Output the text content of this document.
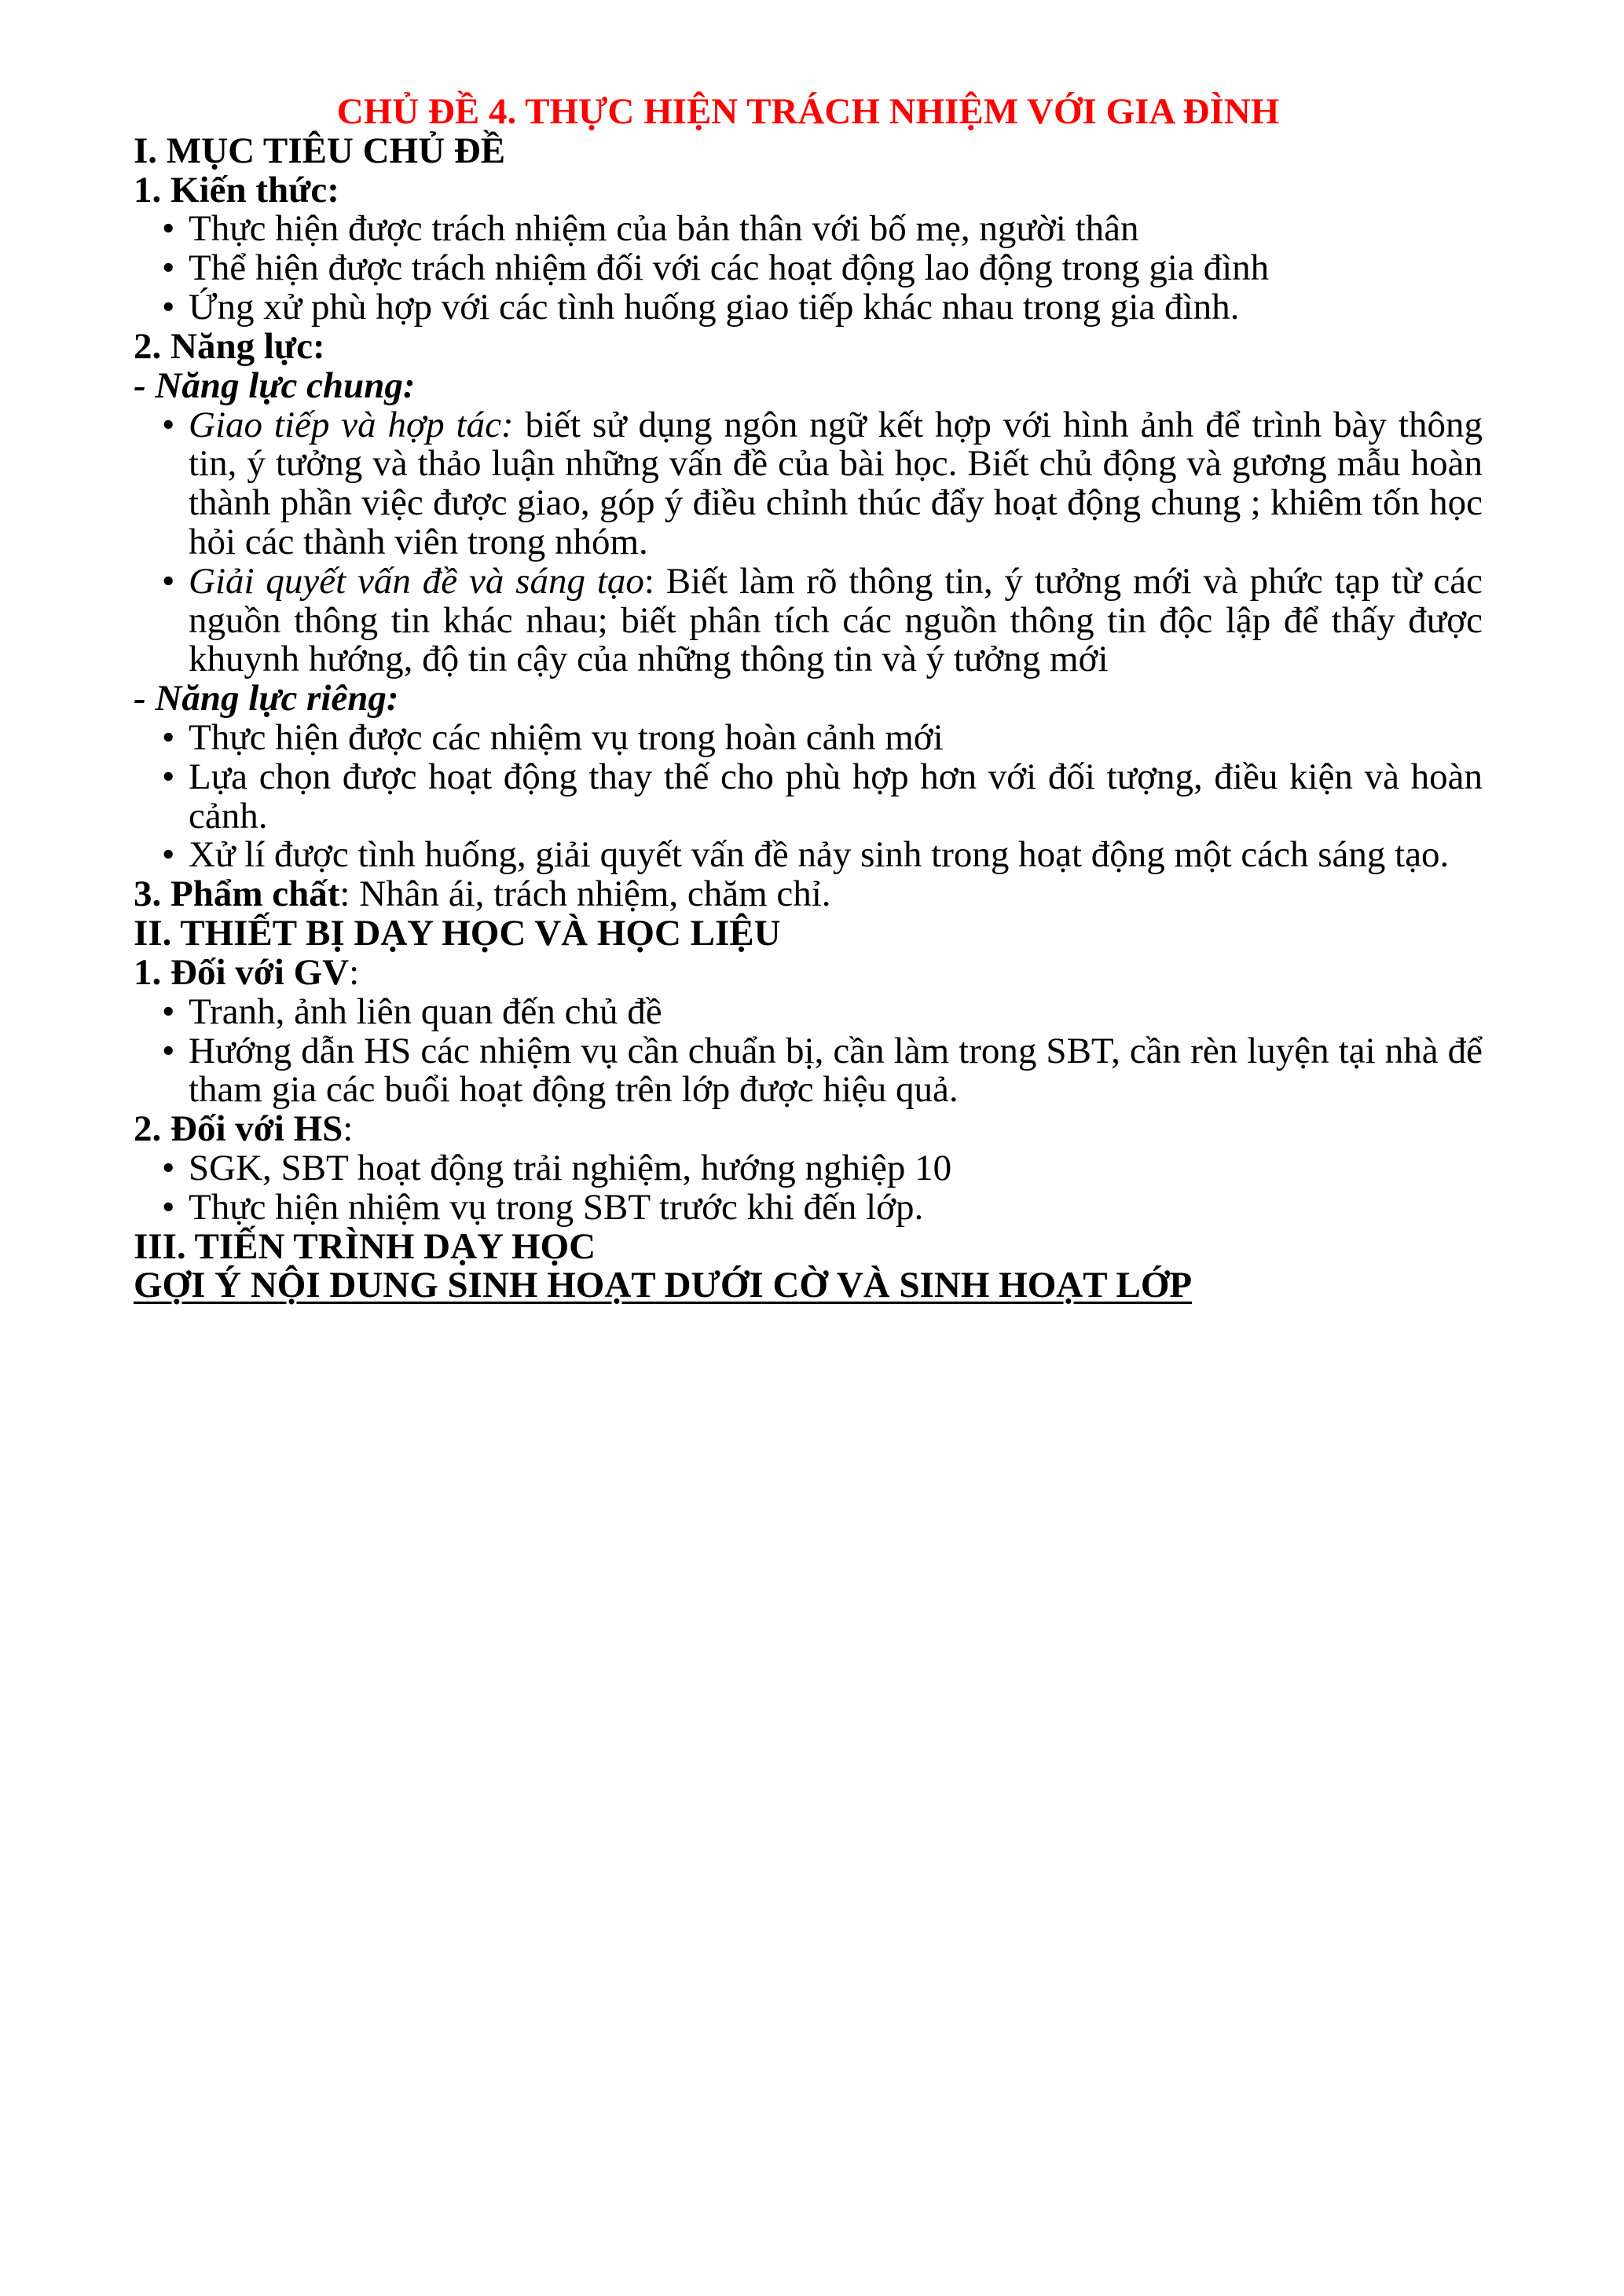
CHỦ ĐỀ 4. THỰC HIỆN TRÁCH NHIỆM VỚI GIA ĐÌNH

I. MỤC TIÊU CHỦ ĐỀ

1. Kiến thức:

• Thực hiện được trách nhiệm của bản thân với bố mẹ, người thân
• Thể hiện được trách nhiệm đối với các hoạt động lao động trong gia đình
• Ứng xử phù hợp với các tình huống giao tiếp khác nhau trong gia đình.

2. Năng lực:

- Năng lực chung:

• Giao tiếp và hợp tác: biết sử dụng ngôn ngữ kết hợp với hình ảnh để trình bày thông tin, ý tưởng và thảo luận những vấn đề của bài học. Biết chủ động và gương mẫu hoàn thành phần việc được giao, góp ý điều chỉnh thúc đẩy hoạt động chung ; khiêm tốn học hỏi các thành viên trong nhóm.
• Giải quyết vấn đề và sáng tạo: Biết làm rõ thông tin, ý tưởng mới và phức tạp từ các nguồn thông tin khác nhau; biết phân tích các nguồn thông tin độc lập để thấy được khuynh hướng, độ tin cậy của những thông tin và ý tưởng mới

- Năng lực riêng:

• Thực hiện được các nhiệm vụ trong hoàn cảnh mới
• Lựa chọn được hoạt động thay thế cho phù hợp hơn với đối tượng, điều kiện và hoàn cảnh.
• Xử lí được tình huống, giải quyết vấn đề nảy sinh trong hoạt động một cách sáng tạo.

3. Phẩm chất: Nhân ái, trách nhiệm, chăm chỉ.

II. THIẾT BỊ DẠY HỌC VÀ HỌC LIỆU

1. Đối với GV:

• Tranh, ảnh liên quan đến chủ đề
• Hướng dẫn HS các nhiệm vụ cần chuẩn bị, cần làm trong SBT, cần rèn luyện tại nhà để tham gia các buổi hoạt động trên lớp được hiệu quả.

2. Đối với HS:

• SGK, SBT hoạt động trải nghiệm, hướng nghiệp 10
• Thực hiện nhiệm vụ trong SBT trước khi đến lớp.

III. TIẾN TRÌNH DẠY HỌC

GỢI Ý NỘI DUNG SINH HOẠT DƯỚI CỜ VÀ SINH HOẠT LỚP
